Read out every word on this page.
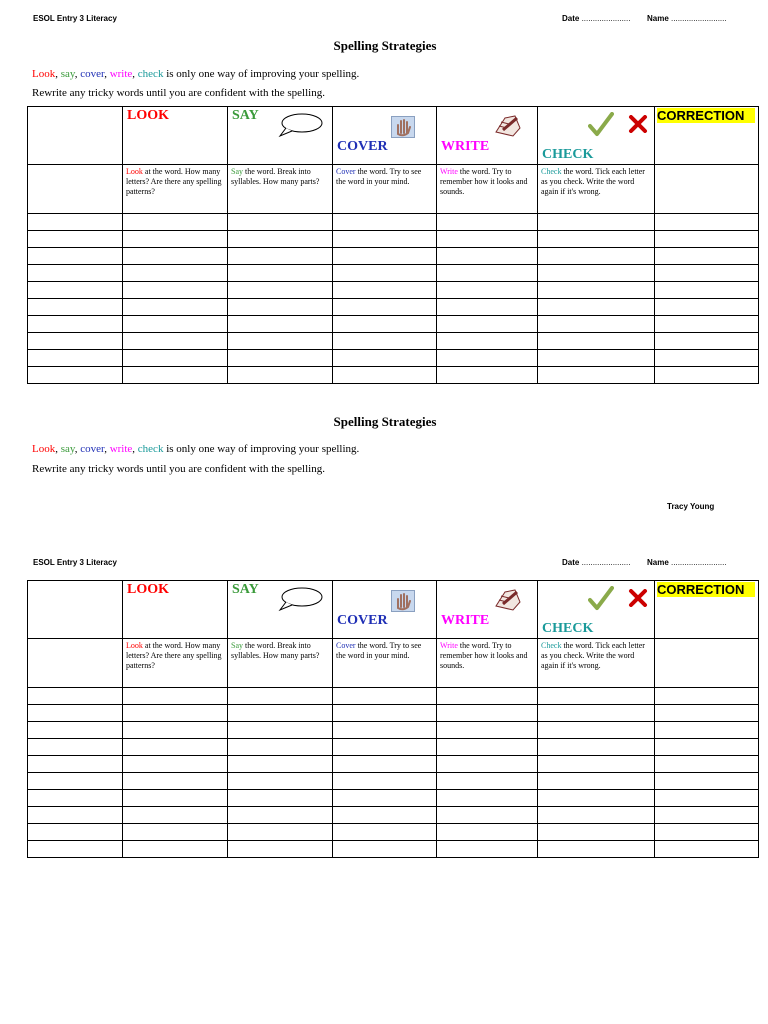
ESOL Entry 3 Literacy	Date ...................... Name .........................
Spelling Strategies
Look, say, cover, write, check is only one way of improving your spelling.
Rewrite any tricky words until you are confident with the spelling.

	LOOK	SAY	COVER	WRITE	CHECK	CORRECTION

	Look at the word. How many letters? Are there any spelling patterns?	Say the word. Break into syllables. How many parts?	Cover the word. Try to see the word in your mind.	Write the word. Try to remember how it looks and sounds.	Check the word. Tick each letter as you check. Write the word again if it's wrong.	

Spelling Strategies
Look, say, cover, write, check is only one way of improving your spelling.
Rewrite any tricky words until you are confident with the spelling.
Tracy Young
ESOL Entry 3 Literacy	Date ...................... Name .........................

	LOOK	SAY	COVER	WRITE	CHECK	CORRECTION

	Look at the word. How many letters? Are there any spelling patterns?	Say the word. Break into syllables. How many parts?	Cover the word. Try to see the word in your mind.	Write the word. Try to remember how it looks and sounds.	Check the word. Tick each letter as you check. Write the word again if it's wrong.	
